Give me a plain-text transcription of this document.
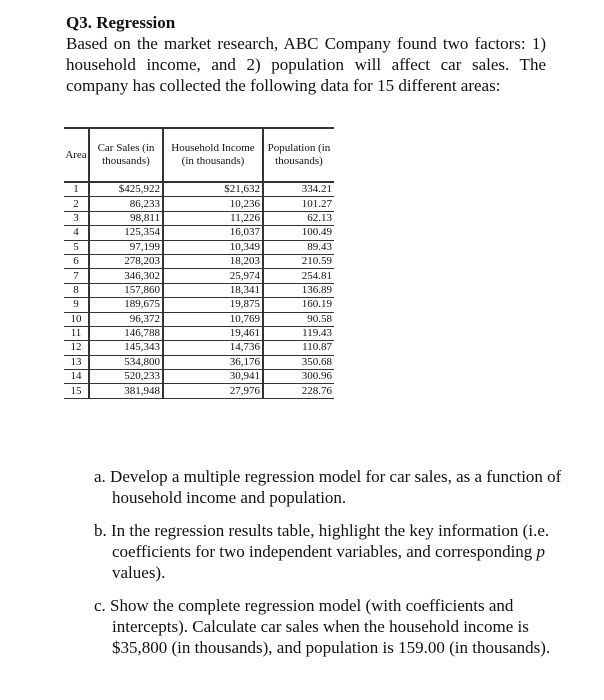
Q3. Regression

Based on the market research, ABC Company found two factors: 1) household income, and 2) population will affect car sales. The company has collected the following data for 15 different areas:

Area	Car Sales (in thousands)	Household Income (in thousands)	Population (in thousands)
1	$425,922	$21,632	334.21
2	86,233	10,236	101.27
3	98,811	11,226	62.13
4	125,354	16,037	100.49
5	97,199	10,349	89.43
6	278,203	18,203	210.59
7	346,302	25,974	254.81
8	157,860	18,341	136.89
9	189,675	19,875	160.19
10	96,372	10,769	90.58
11	146,788	19,461	119.43
12	145,343	14,736	110.87
13	534,800	36,176	350.68
14	520,233	30,941	300.96
15	381,948	27,976	228.76
a. Develop a multiple regression model for car sales, as a function of household income and population.
b. In the regression results table, highlight the key information (i.e. coefficients for two independent variables, and corresponding p values).
c. Show the complete regression model (with coefficients and intercepts). Calculate car sales when the household income is $35,800 (in thousands), and population is 159.00 (in thousands).
